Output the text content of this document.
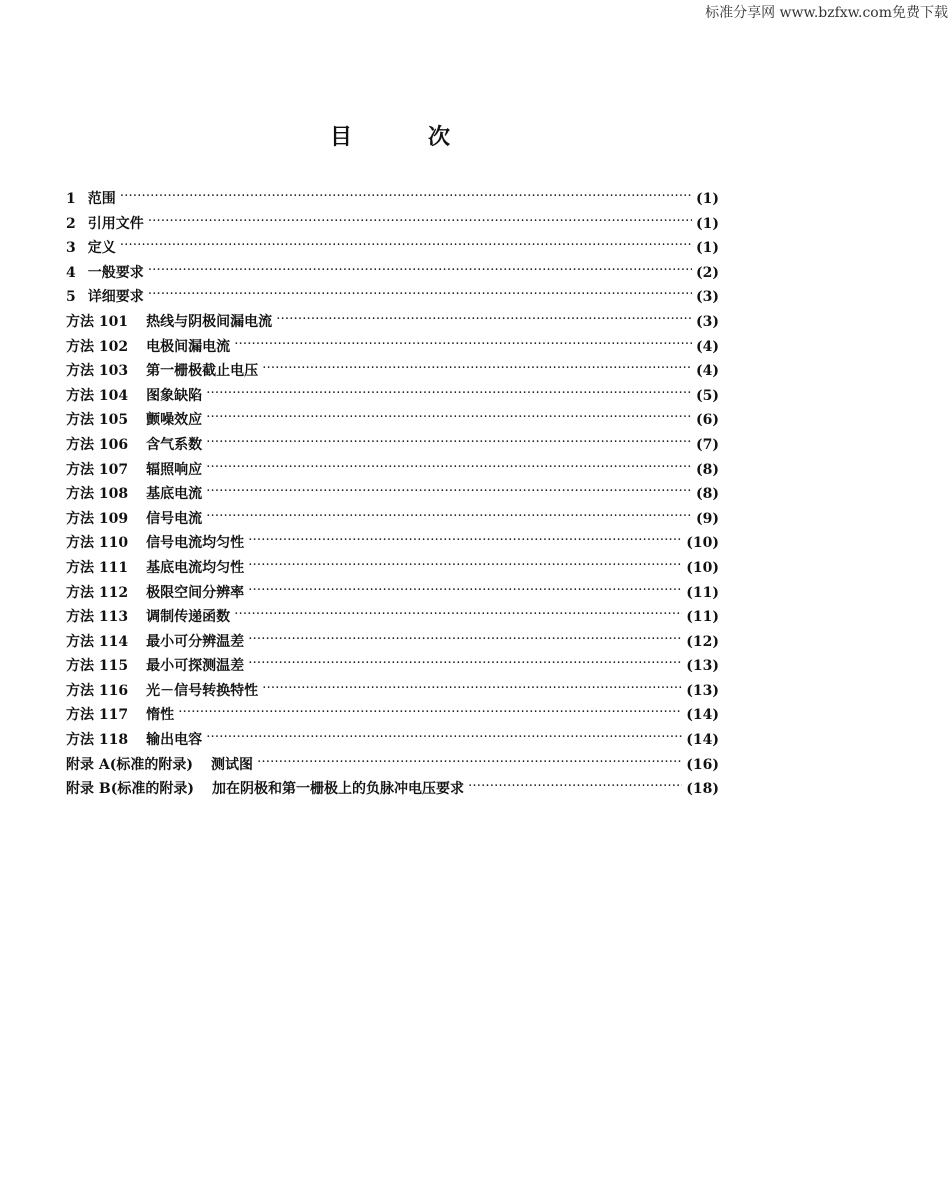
标准分享网 www.bzfxw.com免费下载
目	次
1 范围 ……………………………………………………………………………………………………………………………………………………………………………………………………	(1)
2 引用文件 ……………………………………………………………………………………………………………………………………………………………………………………………………	(1)
3 定义 ……………………………………………………………………………………………………………………………………………………………………………………………………	(1)
4 一般要求 ……………………………………………………………………………………………………………………………………………………………………………………………………	(2)
5 详细要求 ……………………………………………………………………………………………………………………………………………………………………………………………………	(3)
方法 101 热线与阴极间漏电流 ……………………………………………………………………………………………………………………………………………………………………………………………………	(3)
方法 102 电极间漏电流 ……………………………………………………………………………………………………………………………………………………………………………………………………	(4)
方法 103 第一栅极截止电压 ……………………………………………………………………………………………………………………………………………………………………………………………………	(4)
方法 104 图象缺陷 ……………………………………………………………………………………………………………………………………………………………………………………………………	(5)
方法 105 颤噪效应 ……………………………………………………………………………………………………………………………………………………………………………………………………	(6)
方法 106 含气系数 ……………………………………………………………………………………………………………………………………………………………………………………………………	(7)
方法 107 辐照响应 ……………………………………………………………………………………………………………………………………………………………………………………………………	(8)
方法 108 基底电流 ……………………………………………………………………………………………………………………………………………………………………………………………………	(8)
方法 109 信号电流 ……………………………………………………………………………………………………………………………………………………………………………………………………	(9)
方法 110 信号电流均匀性 ……………………………………………………………………………………………………………………………………………………………………………………………………	(10)
方法 111 基底电流均匀性 ……………………………………………………………………………………………………………………………………………………………………………………………………	(10)
方法 112 极限空间分辨率 ……………………………………………………………………………………………………………………………………………………………………………………………………	(11)
方法 113 调制传递函数 ……………………………………………………………………………………………………………………………………………………………………………………………………	(11)
方法 114 最小可分辨温差 ……………………………………………………………………………………………………………………………………………………………………………………………………	(12)
方法 115 最小可探测温差 ……………………………………………………………………………………………………………………………………………………………………………………………………	(13)
方法 116 光－信号转换特性 ……………………………………………………………………………………………………………………………………………………………………………………………………	(13)
方法 117 惰性 ……………………………………………………………………………………………………………………………………………………………………………………………………	(14)
方法 118 输出电容 ……………………………………………………………………………………………………………………………………………………………………………………………………	(14)
附录 A(标准的附录) 测试图 ……………………………………………………………………………………………………………………………………………………………………………………………………	(16)
附录 B(标准的附录) 加在阴极和第一栅极上的负脉冲电压要求 ……………………………………………………………………………………………………………………………………………………………………………………………………	(18)
